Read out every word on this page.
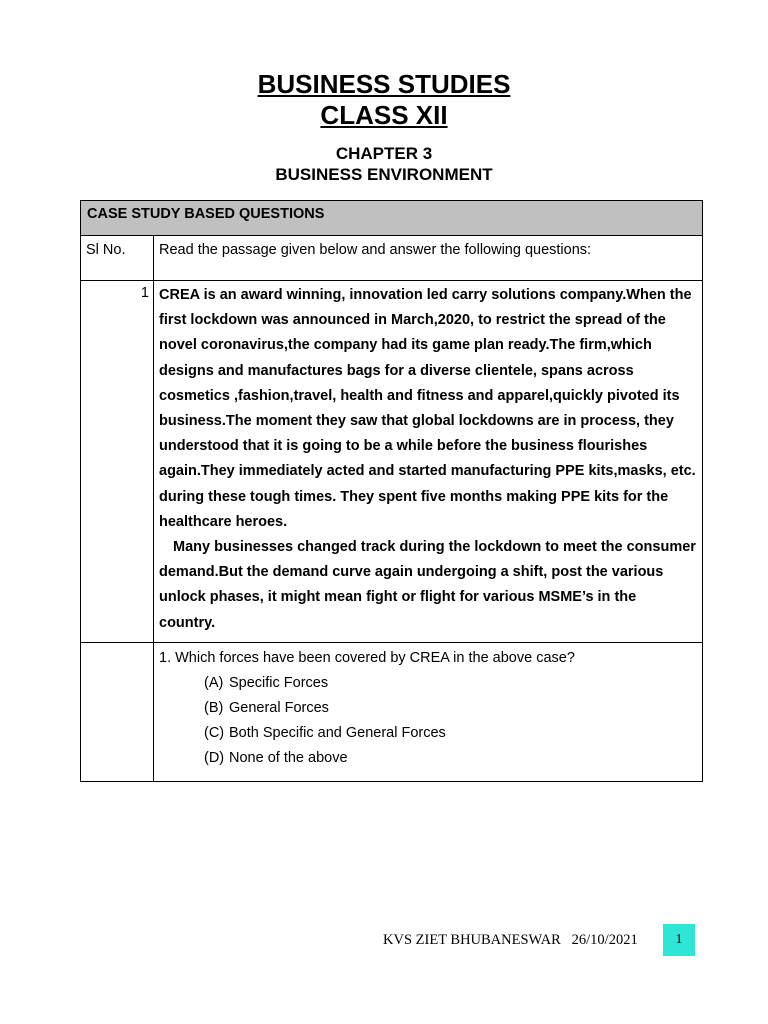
BUSINESS STUDIES
CLASS XII
CHAPTER 3
BUSINESS ENVIRONMENT
CASE STUDY BASED QUESTIONS	
Sl No.	Read the passage given below and answer the following questions:
1	CREA is an award winning, innovation led carry solutions company.When the first lockdown was announced in March,2020, to restrict the spread of the novel coronavirus,the company had its game plan ready.The firm,which designs and manufactures bags for a diverse clientele, spans across cosmetics ,fashion,travel, health and fitness and apparel,quickly pivoted its business.The moment they saw that global lockdowns are in process, they understood that it is going to be a while before the business flourishes again.They immediately acted and started manufacturing PPE kits,masks, etc. during these tough times. They spent five months making PPE kits for the healthcare heroes.

Many businesses changed track during the lockdown to meet the consumer demand.But the demand curve again undergoing a shift, post the various unlock phases, it might mean fight or flight for various MSME’s in the country.

	1. Which forces have been covered by CREA in the above case?
(A) Specific Forces
(B) General Forces
(C) Both Specific and General Forces
(D) None of the above
KVS ZIET BHUBANESWAR 26/10/2021	1
